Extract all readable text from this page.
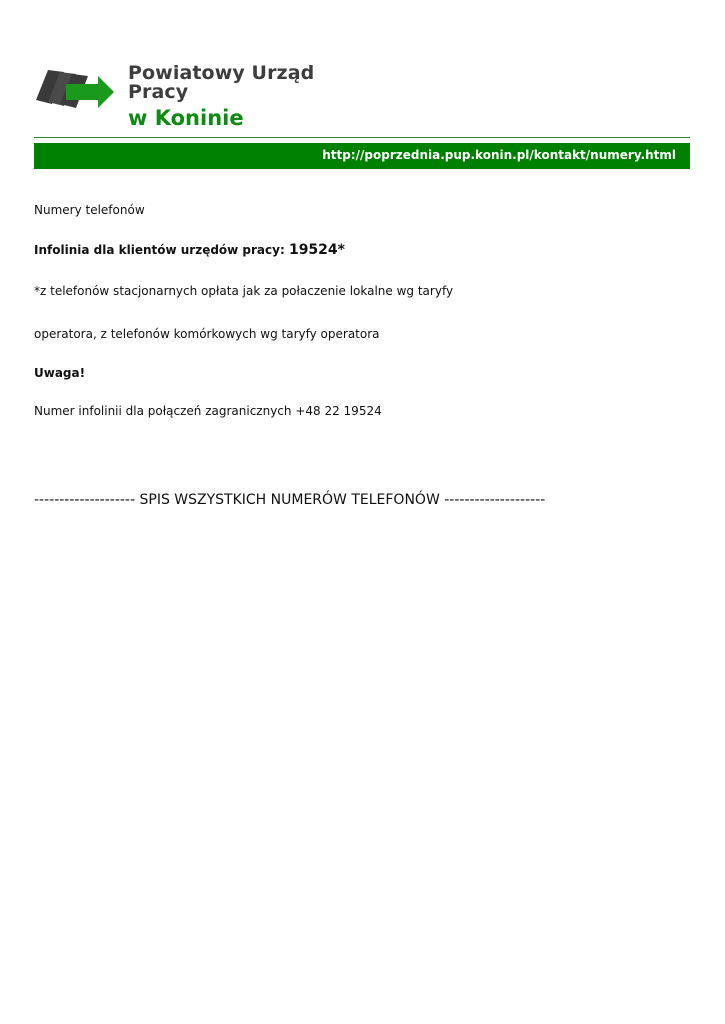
Powiatowy Urząd Pracy
w Koninie
http://poprzednia.pup.konin.pl/kontakt/numery.html
Numery telefonów
Infolinia dla klientów urzędów pracy: 19524*
*z telefonów stacjonarnych opłata jak za połaczenie lokalne wg taryfy
operatora, z telefonów komórkowych wg taryfy operatora
Uwaga!
Numer infolinii dla połączeń zagranicznych +48 22 19524
-------------------- SPIS WSZYSTKICH NUMERÓW TELEFONÓW --------------------
